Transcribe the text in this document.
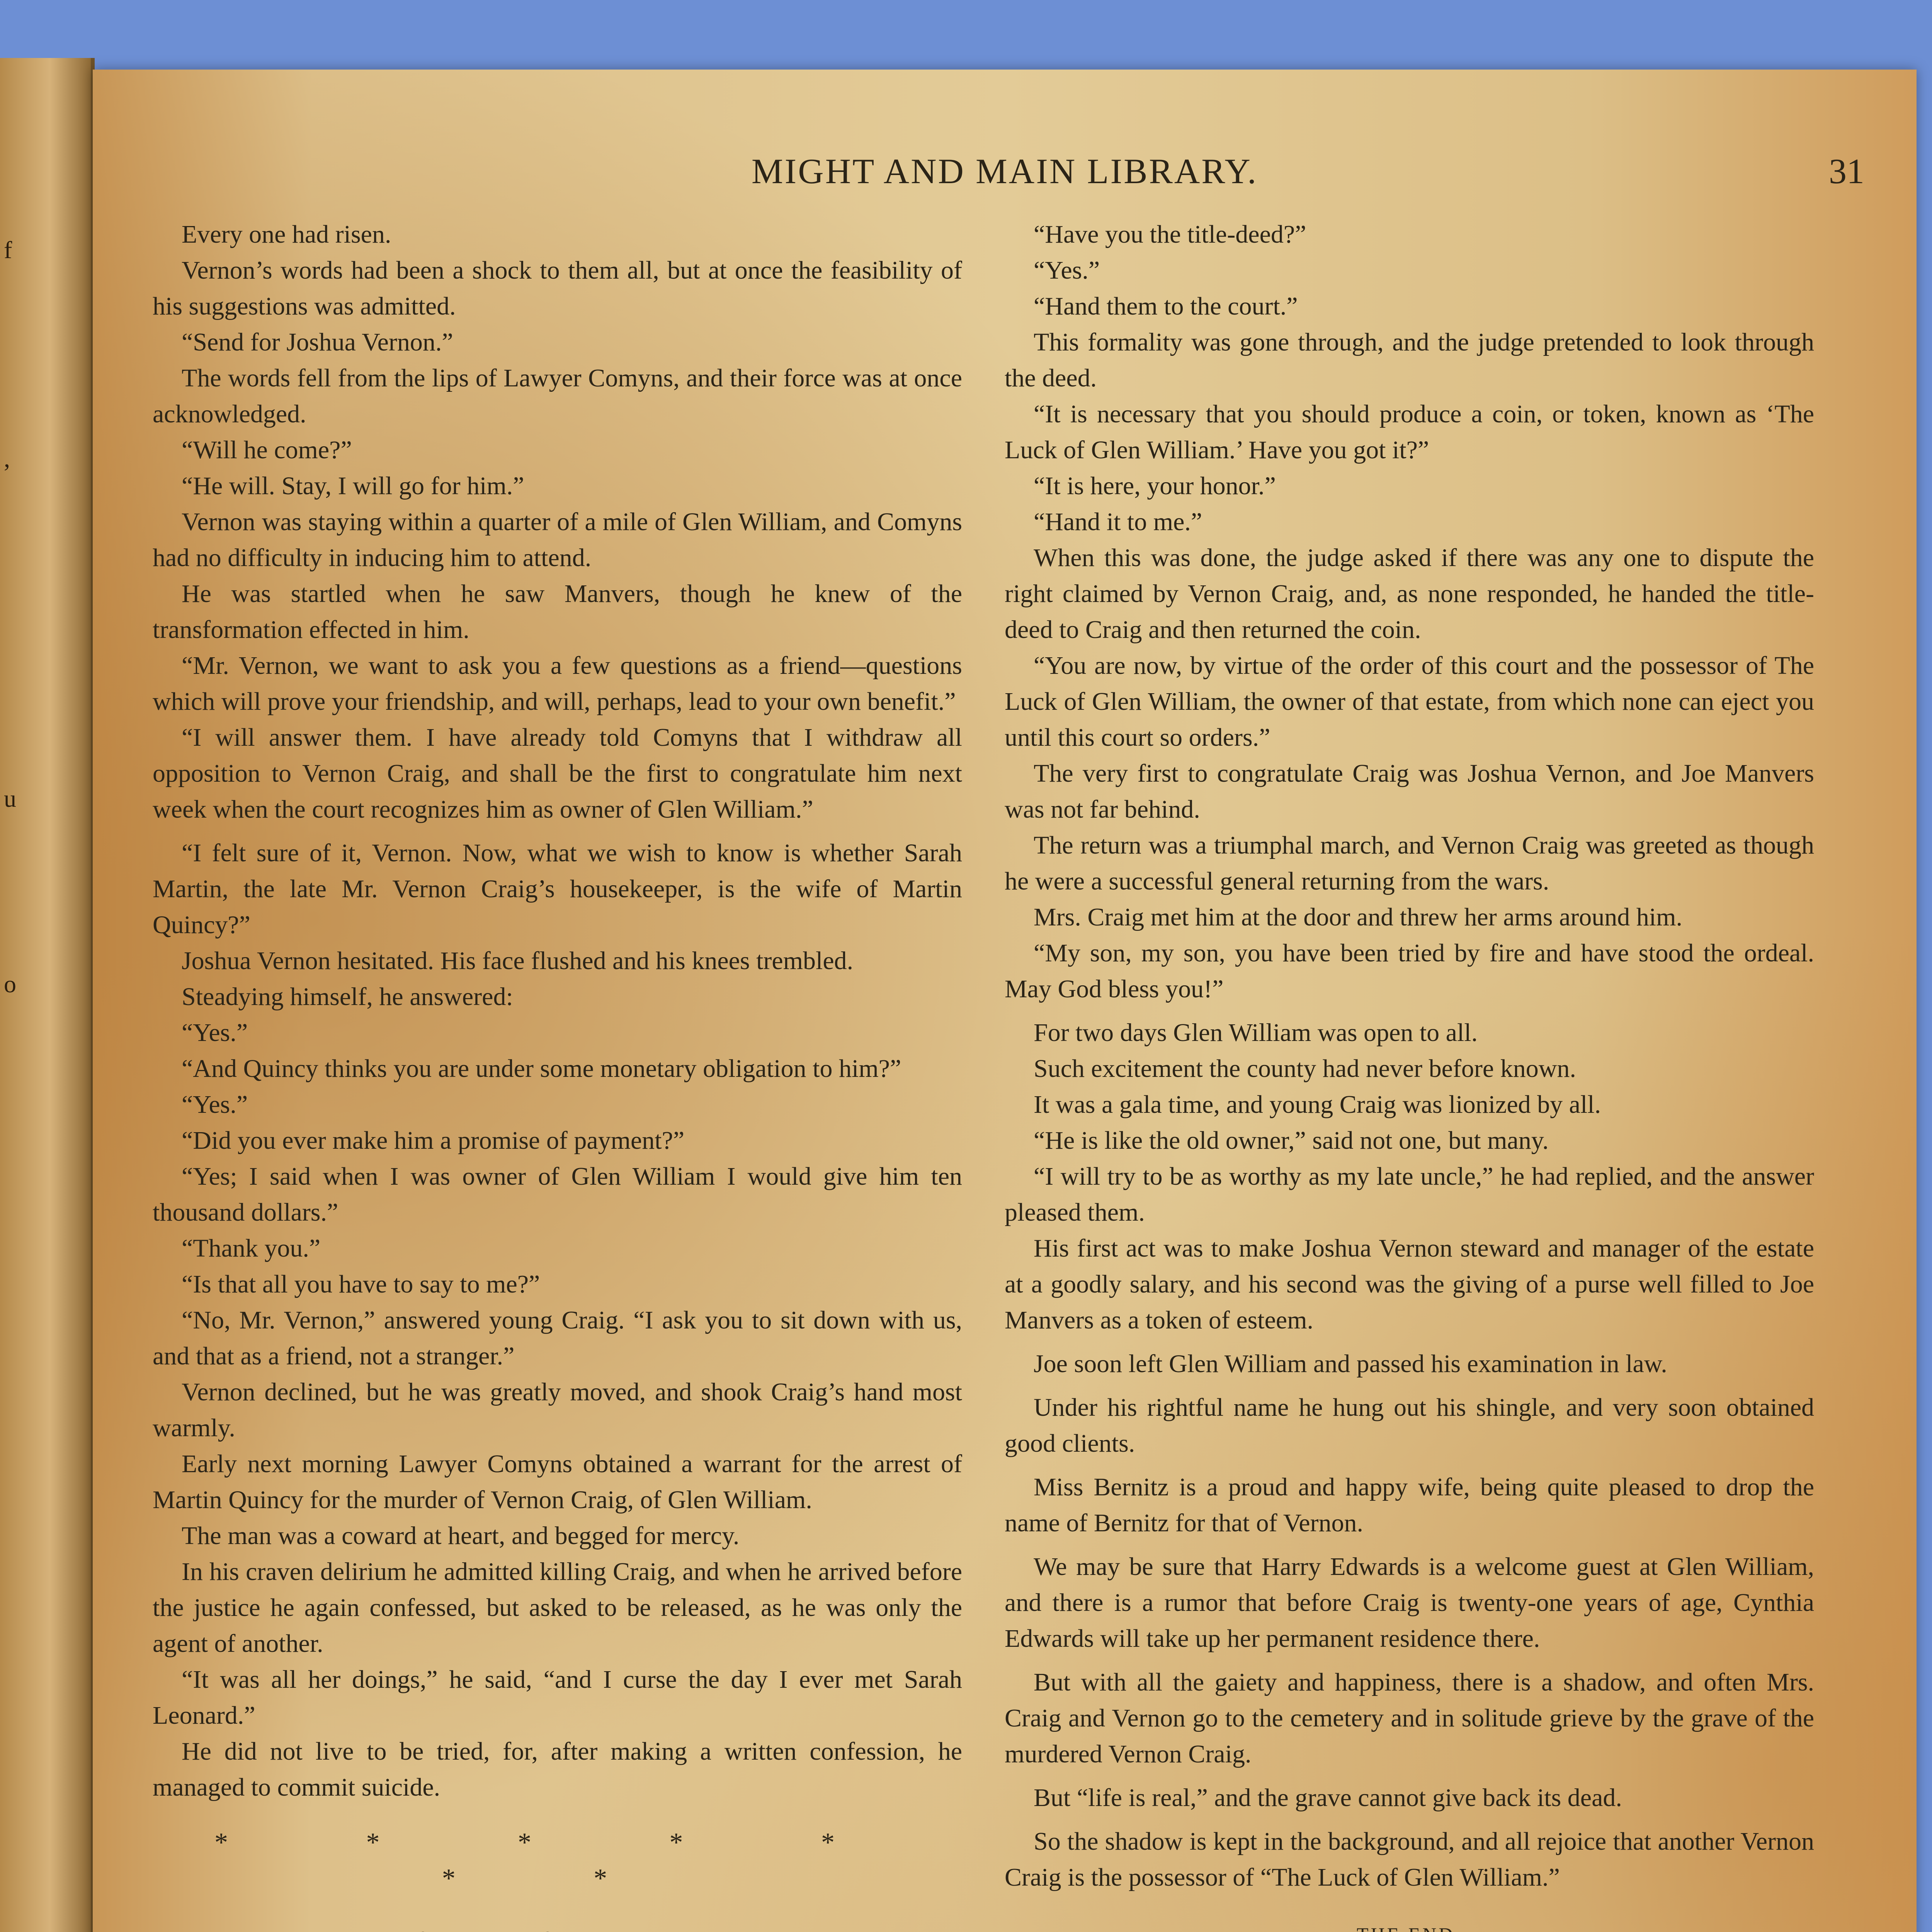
f
,
u
o
MIGHT AND MAIN LIBRARY.	31

Every one had risen.

Vernon’s words had been a shock to them all, but at once the feasibility of his suggestions was admitted.

“Send for Joshua Vernon.”

The words fell from the lips of Lawyer Comyns, and their force was at once acknowledged.

“Will he come?”

“He will. Stay, I will go for him.”

Vernon was staying within a quarter of a mile of Glen William, and Comyns had no difficulty in inducing him to attend.

He was startled when he saw Manvers, though he knew of the transformation effected in him.

“Mr. Vernon, we want to ask you a few questions as a friend—questions which will prove your friendship, and will, perhaps, lead to your own benefit.”

“I will answer them. I have already told Comyns that I withdraw all opposition to Vernon Craig, and shall be the first to congratulate him next week when the court recognizes him as owner of Glen William.”

“I felt sure of it, Vernon. Now, what we wish to know is whether Sarah Martin, the late Mr. Vernon Craig’s housekeeper, is the wife of Martin Quincy?”

Joshua Vernon hesitated. His face flushed and his knees trembled.

Steadying himself, he answered:

“Yes.”

“And Quincy thinks you are under some monetary obligation to him?”

“Yes.”

“Did you ever make him a promise of payment?”

“Yes; I said when I was owner of Glen William I would give him ten thousand dollars.”

“Thank you.”

“Is that all you have to say to me?”

“No, Mr. Vernon,” answered young Craig. “I ask you to sit down with us, and that as a friend, not a stranger.”

Vernon declined, but he was greatly moved, and shook Craig’s hand most warmly.

Early next morning Lawyer Comyns obtained a warrant for the arrest of Martin Quincy for the murder of Vernon Craig, of Glen William.

The man was a coward at heart, and begged for mercy.

In his craven delirium he admitted killing Craig, and when he arrived before the justice he again confessed, but asked to be released, as he was only the agent of another.

“It was all her doings,” he said, “and I curse the day I ever met Sarah Leonard.”

He did not live to be tried, for, after making a written confession, he managed to commit suicide.

* * * * * * *

“Have you the title-deed?”

“Yes.”

“Hand them to the court.”

This formality was gone through, and the judge pretended to look through the deed.

“It is necessary that you should produce a coin, or token, known as ‘The Luck of Glen William.’ Have you got it?”

“It is here, your honor.”

“Hand it to me.”

When this was done, the judge asked if there was any one to dispute the right claimed by Vernon Craig, and, as none responded, he handed the title-deed to Craig and then returned the coin.

“You are now, by virtue of the order of this court and the possessor of The Luck of Glen William, the owner of that estate, from which none can eject you until this court so orders.”

The very first to congratulate Craig was Joshua Vernon, and Joe Manvers was not far behind.

The return was a triumphal march, and Vernon Craig was greeted as though he were a successful general returning from the wars.

Mrs. Craig met him at the door and threw her arms around him.

“My son, my son, you have been tried by fire and have stood the ordeal. May God bless you!”

For two days Glen William was open to all.

Such excitement the county had never before known.

It was a gala time, and young Craig was lionized by all.

“He is like the old owner,” said not one, but many.

“I will try to be as worthy as my late uncle,” he had replied, and the answer pleased them.

His first act was to make Joshua Vernon steward and manager of the estate at a goodly salary, and his second was the giving of a purse well filled to Joe Manvers as a token of esteem.

Joe soon left Glen William and passed his examination in law.

Under his rightful name he hung out his shingle, and very soon obtained good clients.

Miss Bernitz is a proud and happy wife, being quite pleased to drop the name of Bernitz for that of Vernon.

We may be sure that Harry Edwards is a welcome guest at Glen William, and there is a rumor that before Craig is twenty-one years of age, Cynthia Edwards will take up her permanent residence there.

But with all the gaiety and happiness, there is a shadow, and often Mrs. Craig and Vernon go to the cemetery and in solitude grieve by the grave of the murdered Vernon Craig.

But “life is real,” and the grave cannot give back its dead.

So the shadow is kept in the background, and all rejoice that another Vernon Craig is the possessor of “The Luck of Glen William.”
